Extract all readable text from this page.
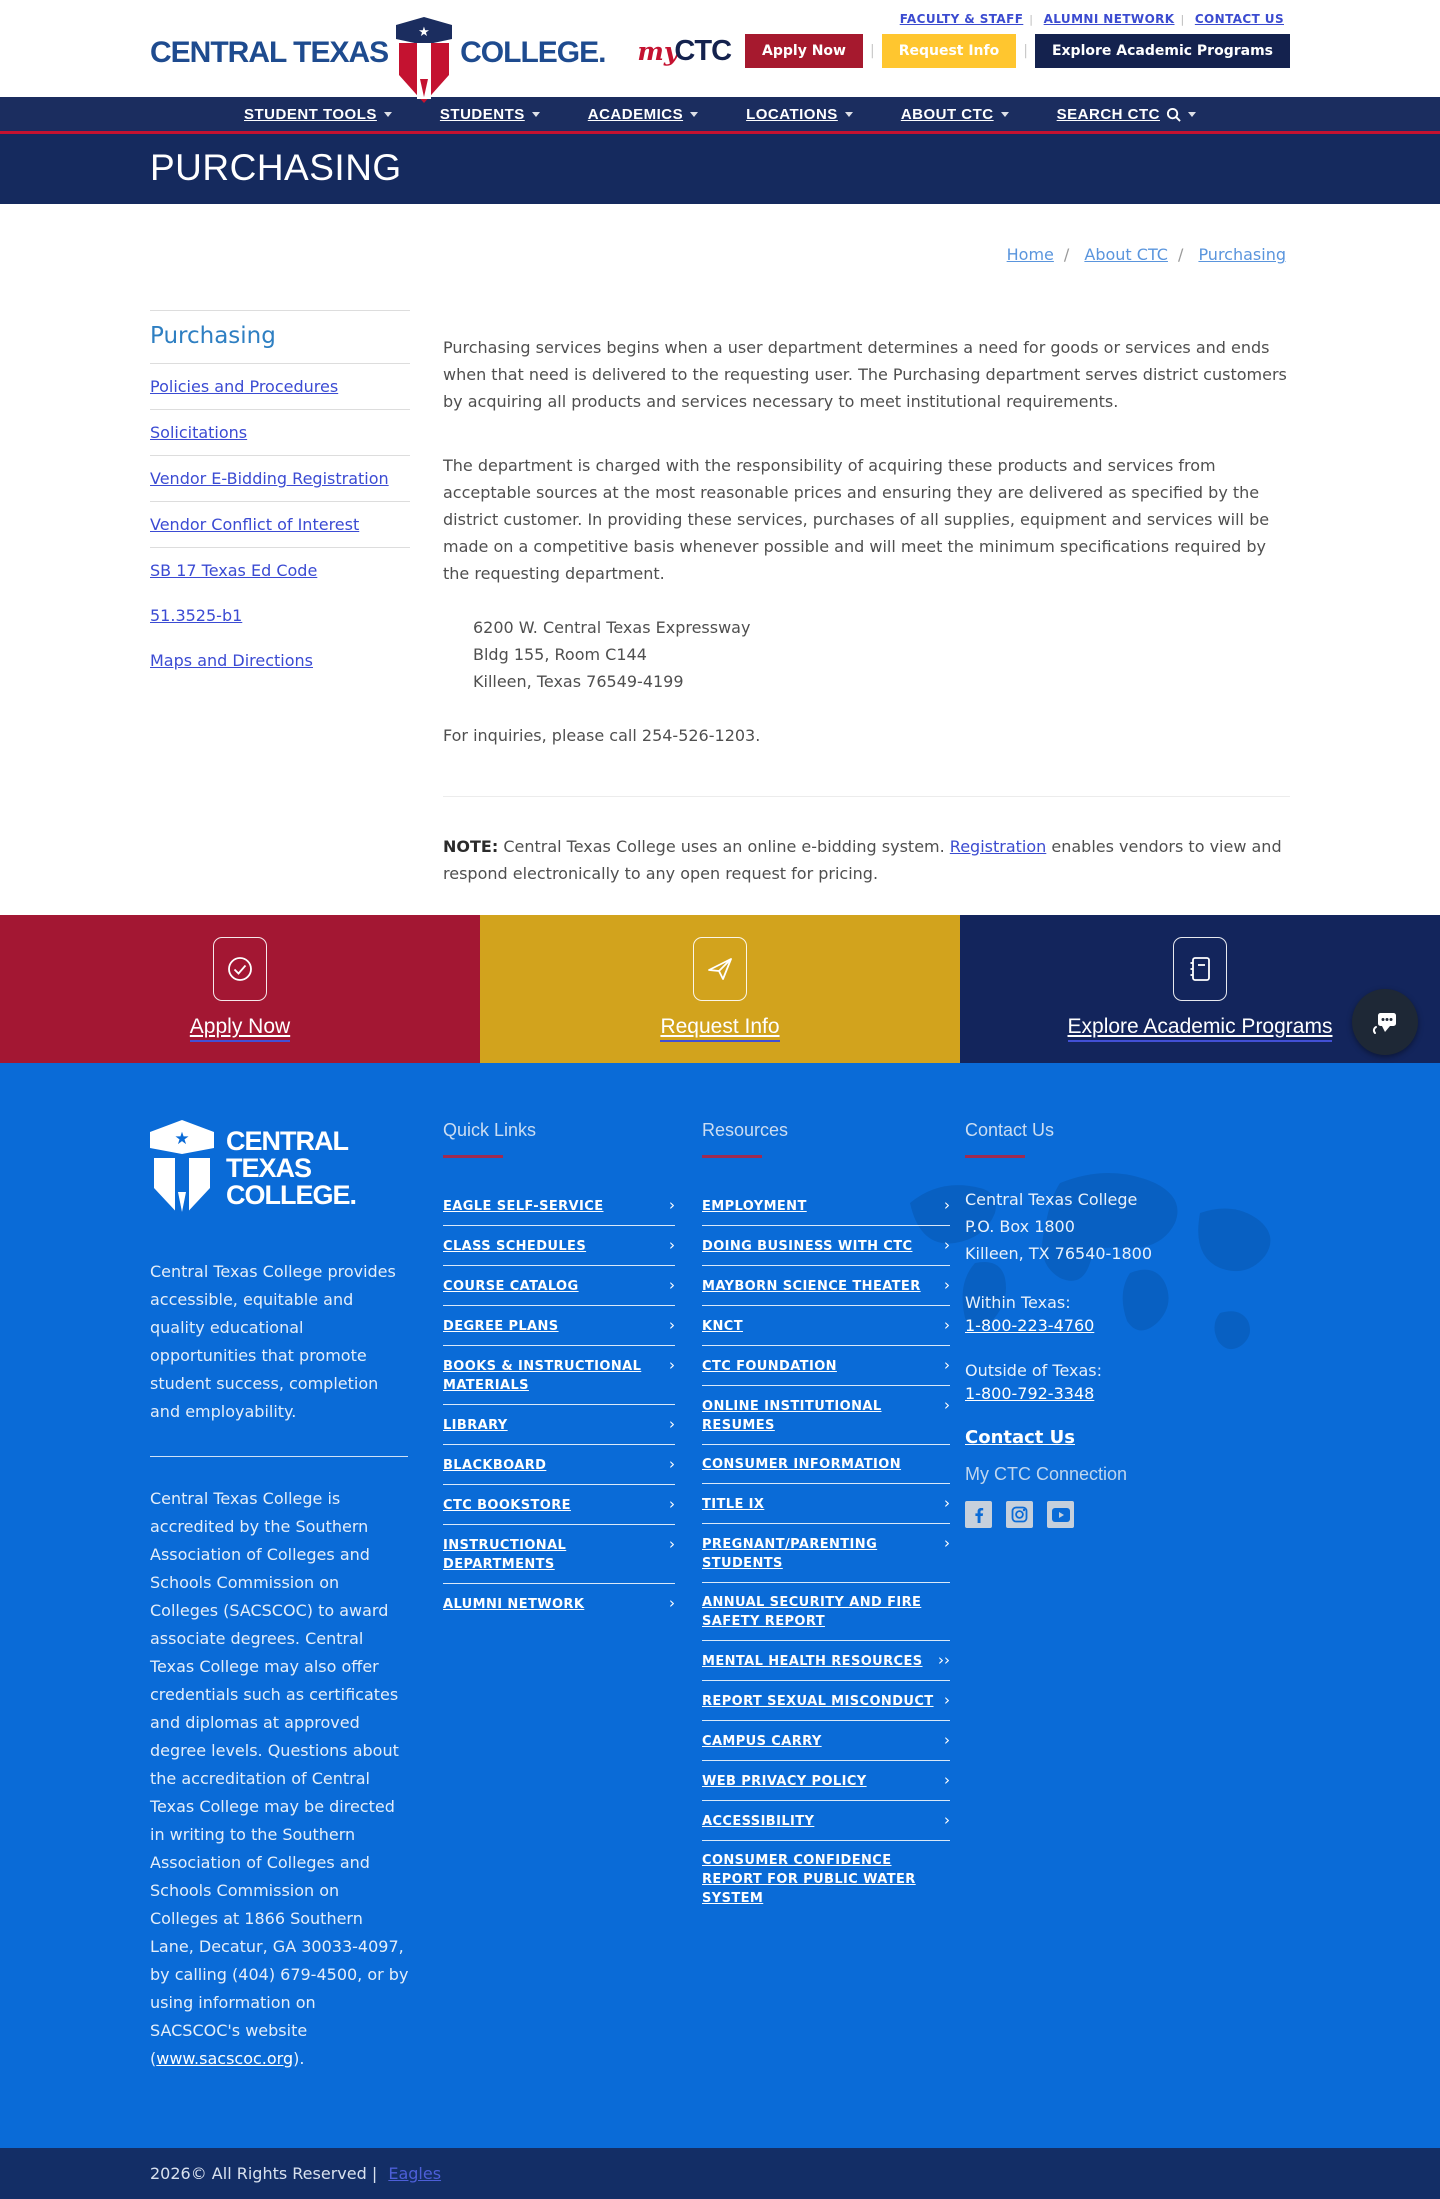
CENTRAL TEXAS
★
COLLEGE.
FACULTY & STAFF | ALUMNI NETWORK | CONTACT US
myCTC	Apply Now	|	Request Info	|	Explore Academic Programs
STUDENT TOOLS	STUDENTS	ACADEMICS	LOCATIONS	ABOUT CTC	SEARCH CTC
PURCHASING
Home / About CTC / Purchasing
Purchasing
Policies and Procedures
Solicitations
Vendor E-Bidding Registration
Vendor Conflict of Interest
SB 17 Texas Ed Code
51.3525-b1
Maps and Directions

Purchasing services begins when a user department determines a need for goods or services and ends when that need is delivered to the requesting user. The Purchasing department serves district customers by acquiring all products and services necessary to meet institutional requirements.

The department is charged with the responsibility of acquiring these products and services from acceptable sources at the most reasonable prices and ensuring they are delivered as specified by the district customer. In providing these services, purchases of all supplies, equipment and services will be made on a competitive basis whenever possible and will meet the minimum specifications required by the requesting department.

6200 W. Central Texas Expressway
Bldg 155, Room C144
Killeen, Texas 76549-4199

For inquiries, please call 254-526-1203.

NOTE: Central Texas College uses an online e-bidding system. Registration enables vendors to view and respond electronically to any open request for pricing.

Apply Now	Request Info	Explore Academic Programs
★ CENTRAL
TEXAS
COLLEGE.

Central Texas College provides accessible, equitable and quality educational opportunities that promote student success, completion and employability.

Central Texas College is accredited by the Southern Association of Colleges and Schools Commission on Colleges (SACSCOC) to award associate degrees. Central Texas College may also offer credentials such as certificates and diplomas at approved degree levels. Questions about the accreditation of Central Texas College may be directed in writing to the Southern Association of Colleges and Schools Commission on Colleges at 1866 Southern Lane, Decatur, GA 30033-4097, by calling (404) 679-4500, or by using information on SACSCOC's website (www.sacscoc.org).

Quick Links
EAGLE SELF-SERVICE	›
CLASS SCHEDULES	›
COURSE CATALOG	›
DEGREE PLANS	›
BOOKS & INSTRUCTIONAL MATERIALS
›
LIBRARY	›
BLACKBOARD	›
CTC BOOKSTORE	›
INSTRUCTIONAL DEPARTMENTS
›
ALUMNI NETWORK	›
Resources
EMPLOYMENT	›
DOING BUSINESS WITH CTC ›
MAYBORN SCIENCE THEATER ›
KNCT	›
CTC FOUNDATION	›
ONLINE INSTITUTIONAL RESUMES
›
CONSUMER INFORMATION
TITLE IX	›
PREGNANT/PARENTING STUDENTS
›
ANNUAL SECURITY AND FIRE SAFETY REPORT
MENTAL HEALTH RESOURCES ››
REPORT SEXUAL MISCONDUCT ›
CAMPUS CARRY	›
WEB PRIVACY POLICY	›
ACCESSIBILITY	›
CONSUMER CONFIDENCE REPORT FOR PUBLIC WATER SYSTEM
Contact Us
Central Texas College
P.O. Box 1800
Killeen, TX 76540-1800
Within Texas:
1-800-223-4760
Outside of Texas:
1-800-792-3348
Contact Us
My CTC Connection
2026© All Rights Reserved | Eagles
